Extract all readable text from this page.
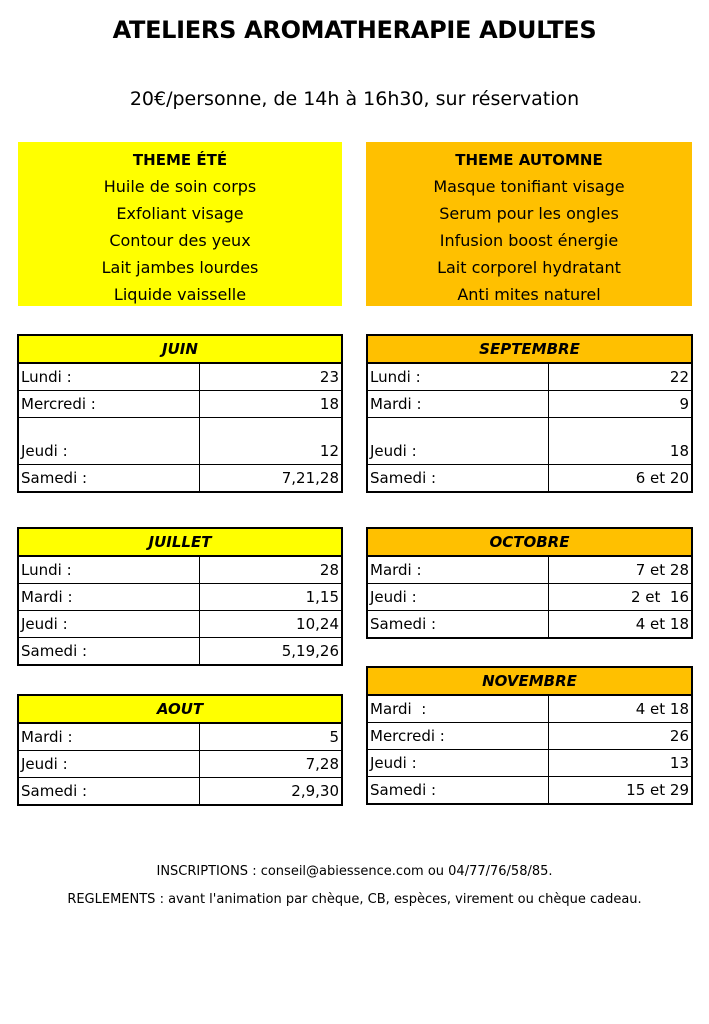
ATELIERS AROMATHERAPIE ADULTES
20€/personne, de 14h à 16h30, sur réservation
THEME ÉTÉ
Huile de soin corps
Exfoliant visage
Contour des yeux
Lait jambes lourdes
Liquide vaisselle
THEME AUTOMNE
Masque tonifiant visage
Serum pour les ongles
Infusion boost énergie
Lait corporel hydratant
Anti mites naturel
JUIN	
Lundi :	23
Mercredi :	18
Jeudi :	12
Samedi :	7,21,28
JUILLET	
Lundi :	28
Mardi :	1,15
Jeudi :	10,24
Samedi :	5,19,26
AOUT	
Mardi :	5
Jeudi :	7,28
Samedi :	2,9,30
SEPTEMBRE	
Lundi :	22
Mardi :	9
Jeudi :	18
Samedi :	6 et 20
OCTOBRE	
Mardi :	7 et 28
Jeudi :	2 et  16
Samedi :	4 et 18
NOVEMBRE	
Mardi  :	4 et 18
Mercredi :	26
Jeudi :	13
Samedi :	15 et 29
INSCRIPTIONS : conseil@abiessence.com ou 04/77/76/58/85.
REGLEMENTS : avant l'animation par chèque, CB, espèces, virement ou chèque cadeau.
